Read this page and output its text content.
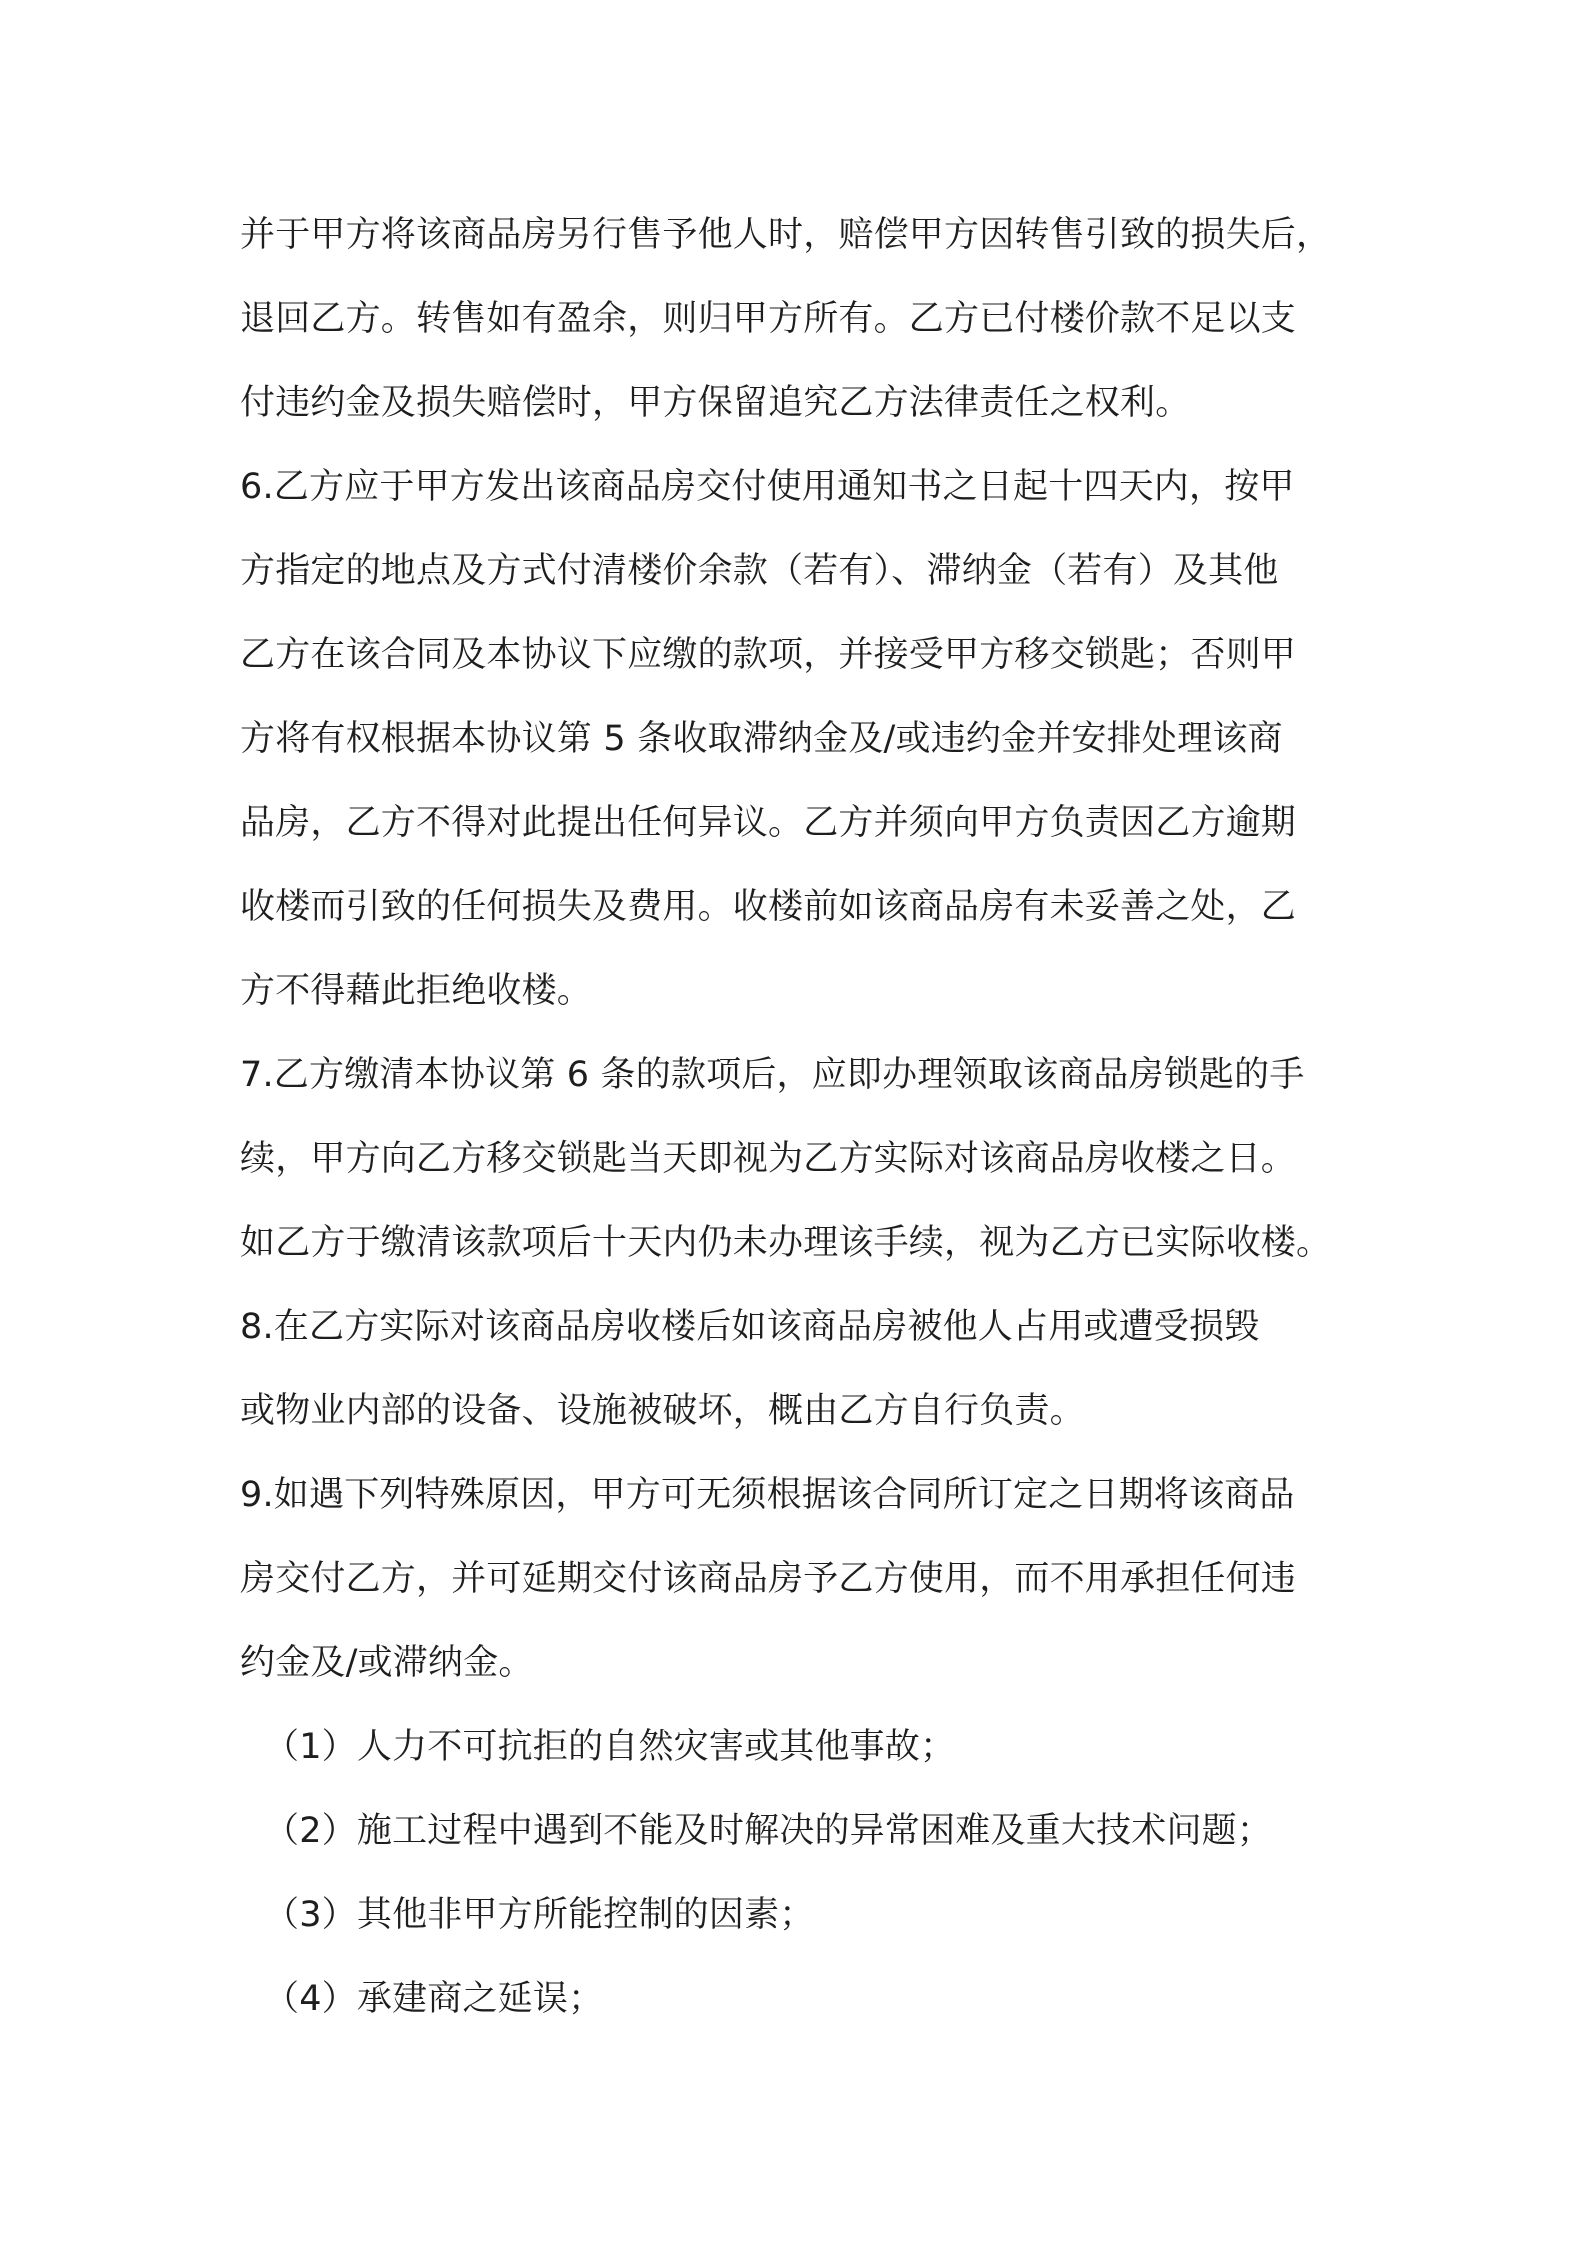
并于甲方将该商品房另行售予他人时，赔偿甲方因转售引致的损失后，
退回乙方。转售如有盈余，则归甲方所有。乙方已付楼价款不足以支
付违约金及损失赔偿时，甲方保留追究乙方法律责任之权利。
6.乙方应于甲方发出该商品房交付使用通知书之日起十四天内，按甲
方指定的地点及方式付清楼价余款（若有）、滞纳金（若有）及其他
乙方在该合同及本协议下应缴的款项，并接受甲方移交锁匙；否则甲
方将有权根据本协议第 5 条收取滞纳金及/或违约金并安排处理该商
品房，乙方不得对此提出任何异议。乙方并须向甲方负责因乙方逾期
收楼而引致的任何损失及费用。收楼前如该商品房有未妥善之处，乙
方不得藉此拒绝收楼。
7.乙方缴清本协议第 6 条的款项后，应即办理领取该商品房锁匙的手
续，甲方向乙方移交锁匙当天即视为乙方实际对该商品房收楼之日。
如乙方于缴清该款项后十天内仍未办理该手续，视为乙方已实际收楼。
8.在乙方实际对该商品房收楼后如该商品房被他人占用或遭受损毁
或物业内部的设备、设施被破坏，概由乙方自行负责。
9.如遇下列特殊原因，甲方可无须根据该合同所订定之日期将该商品
房交付乙方，并可延期交付该商品房予乙方使用，而不用承担任何违
约金及/或滞纳金。
（1）人力不可抗拒的自然灾害或其他事故；
（2）施工过程中遇到不能及时解决的异常困难及重大技术问题；
（3）其他非甲方所能控制的因素；
（4）承建商之延误；
